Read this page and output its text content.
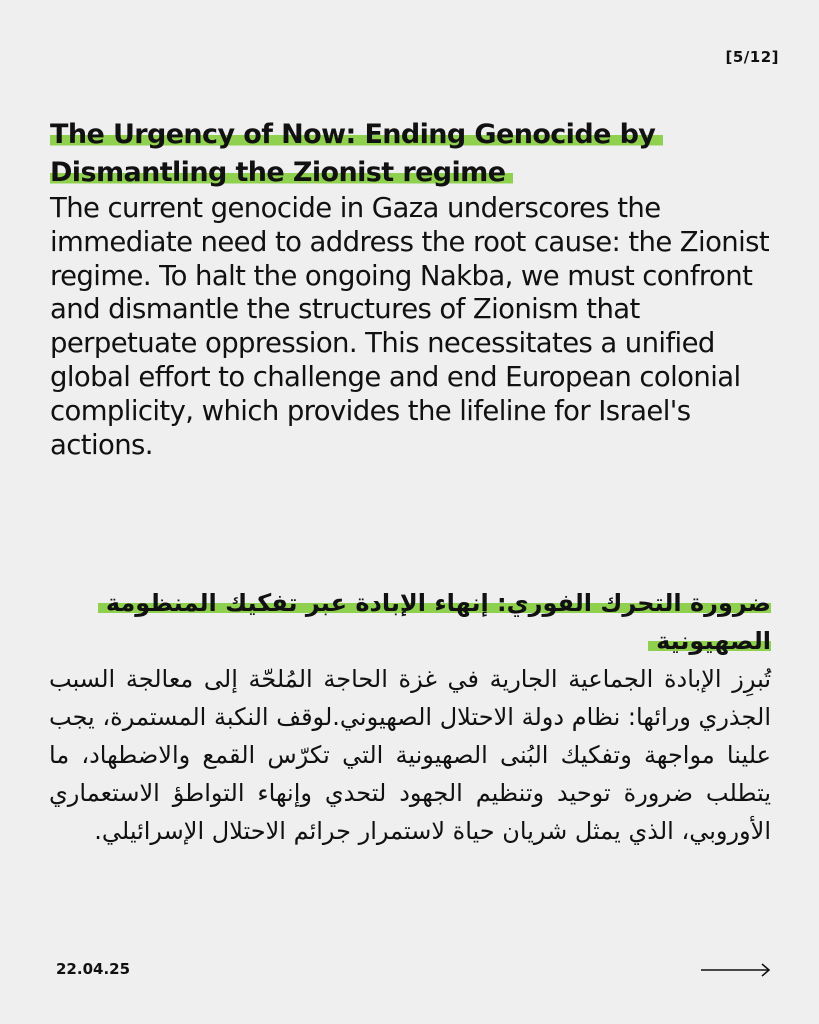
[5/12]
The Urgency of Now: Ending Genocide by Dismantling the Zionist regime

The current genocide in Gaza underscores the immediate need to address the root cause: the Zionist regime. To halt the ongoing Nakba, we must confront and dismantle the structures of Zionism that perpetuate oppression. This necessitates a unified global effort to challenge and end European colonial complicity, which provides the lifeline for Israel's actions.

ضرورة التحرك الفوري: إنهاء الإبادة عبر تفكيك المنظومة الصهيونية

تُبرِز الإبادة الجماعية الجارية في غزة الحاجة المُلحّة إلى معالجة السبب الجذري ورائها: نظام دولة الاحتلال الصهيوني.لوقف النكبة المستمرة، يجب علينا مواجهة وتفكيك البُنى الصهيونية التي تكرّس القمع والاضطهاد، ما يتطلب ضرورة توحيد وتنظيم الجهود لتحدي وإنهاء التواطؤ الاستعماري الأوروبي، الذي يمثل شريان حياة لاستمرار جرائم الاحتلال الإسرائيلي.

22.04.25
